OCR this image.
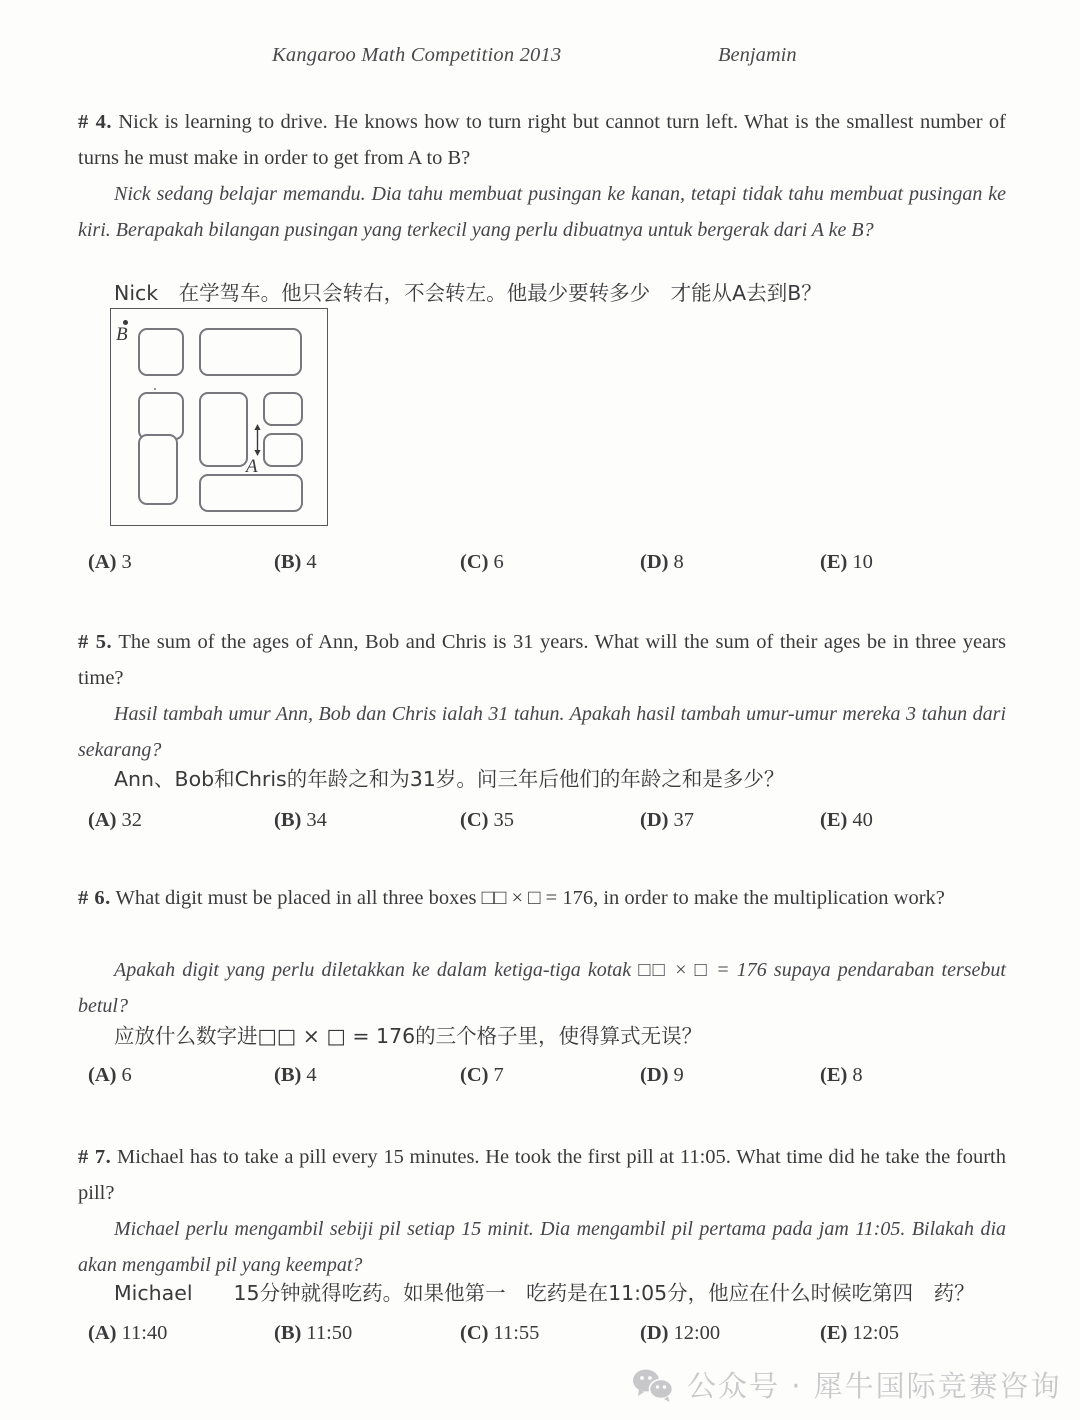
Kangaroo Math Competition 2013	Benjamin
# 4. Nick is learning to drive. He knows how to turn right but cannot turn left. What is the smallest number of turns he must make in order to get from A to B?
Nick sedang belajar memandu. Dia tahu membuat pusingan ke kanan, tetapi tidak tahu membuat pusingan ke kiri. Berapakah bilangan pusingan yang terkecil yang perlu dibuatnya untuk bergerak dari A ke B?
Nick　在学驾车。他只会转右，不会转左。他最少要转多少　才能从A去到B？
B
A
(A) 3	(B) 4	(C) 6	(D) 8	(E) 10
# 5. The sum of the ages of Ann, Bob and Chris is 31 years. What will the sum of their ages be in three years time?
Hasil tambah umur Ann, Bob dan Chris ialah 31 tahun. Apakah hasil tambah umur-umur mereka 3 tahun dari sekarang?
Ann、Bob和Chris的年龄之和为31岁。问三年后他们的年龄之和是多少？
(A) 32	(B) 34	(C) 35	(D) 37	(E) 40
# 6. What digit must be placed in all three boxes □□ × □ = 176, in order to make the multiplication work?
Apakah digit yang perlu diletakkan ke dalam ketiga-tiga kotak □□ × □ = 176 supaya pendaraban tersebut betul?
应放什么数字进□□ × □ = 176的三个格子里，使得算式无误？
(A) 6	(B) 4	(C) 7	(D) 9	(E) 8
# 7. Michael has to take a pill every 15 minutes. He took the first pill at 11:05. What time did he take the fourth pill?
Michael perlu mengambil sebiji pil setiap 15 minit. Dia mengambil pil pertama pada jam 11:05. Bilakah dia akan mengambil pil yang keempat?
Michael　　15分钟就得吃药。如果他第一　吃药是在11:05分，他应在什么时候吃第四　药？
(A) 11:40	(B) 11:50	(C) 11:55	(D) 12:00	(E) 12:05
公众号 · 犀牛国际竞赛咨询
